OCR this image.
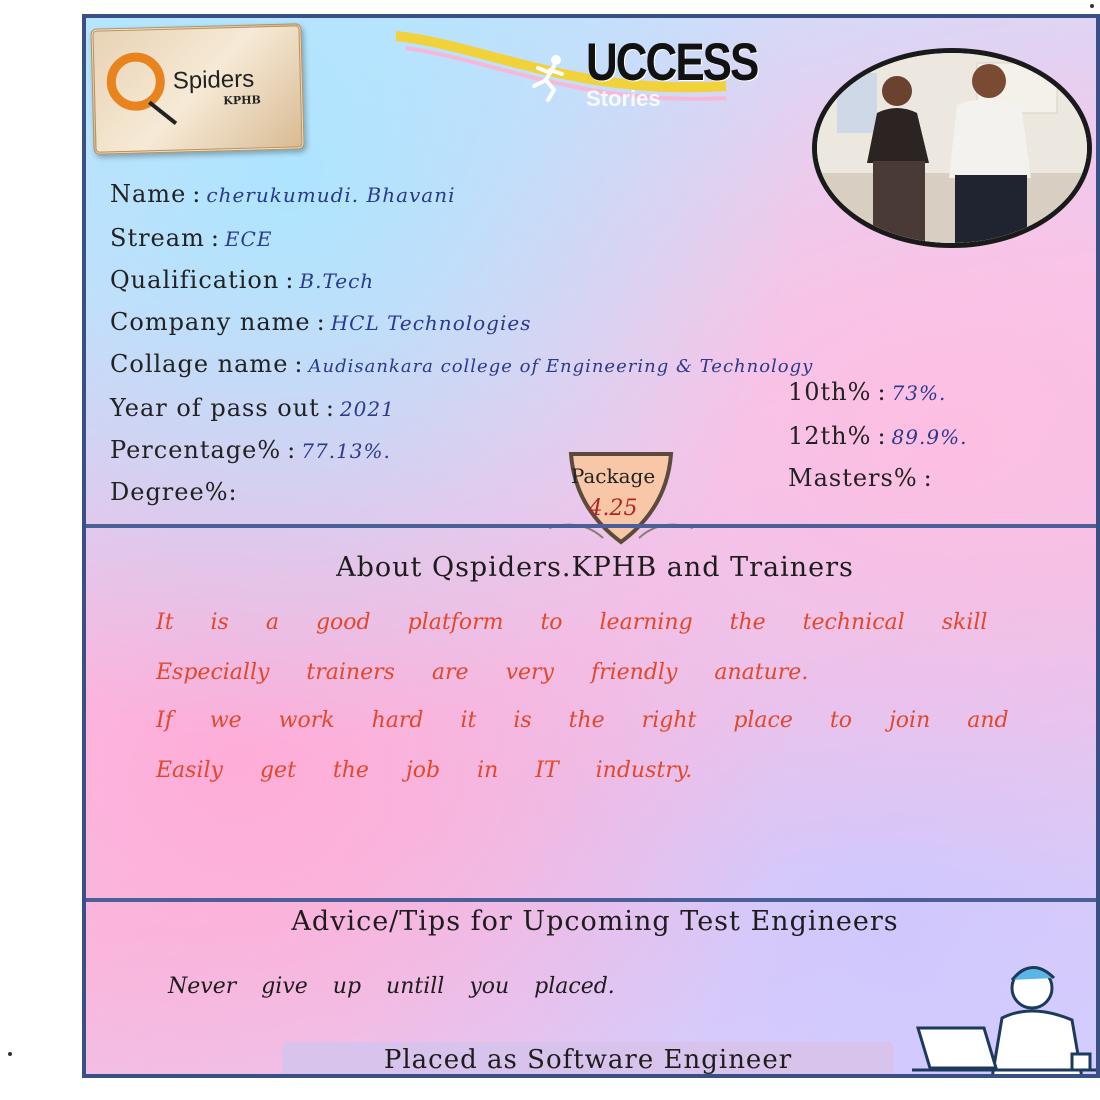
Spiders
KPHB
UCCESS
Stories
Name : cherukumudi. Bhavani
Stream : ECE
Qualification : B.Tech
Company name : HCL Technologies
Collage name : Audisankara college of Engineering & Technology
Year of pass out : 2021
Percentage% : 77.13%.
Degree%:
10th% : 73%.
12th% : 89.9%.
Masters% :
Package
4.25
About Qspiders.KPHB and Trainers
It is a good platform to learning the technical skill
Especially trainers are very friendly anature.
If we work hard it is the right place to join and
Easily get the job in IT industry.
Advice/Tips for Upcoming Test Engineers
Never give up untill you placed.
Placed as Software Engineer
